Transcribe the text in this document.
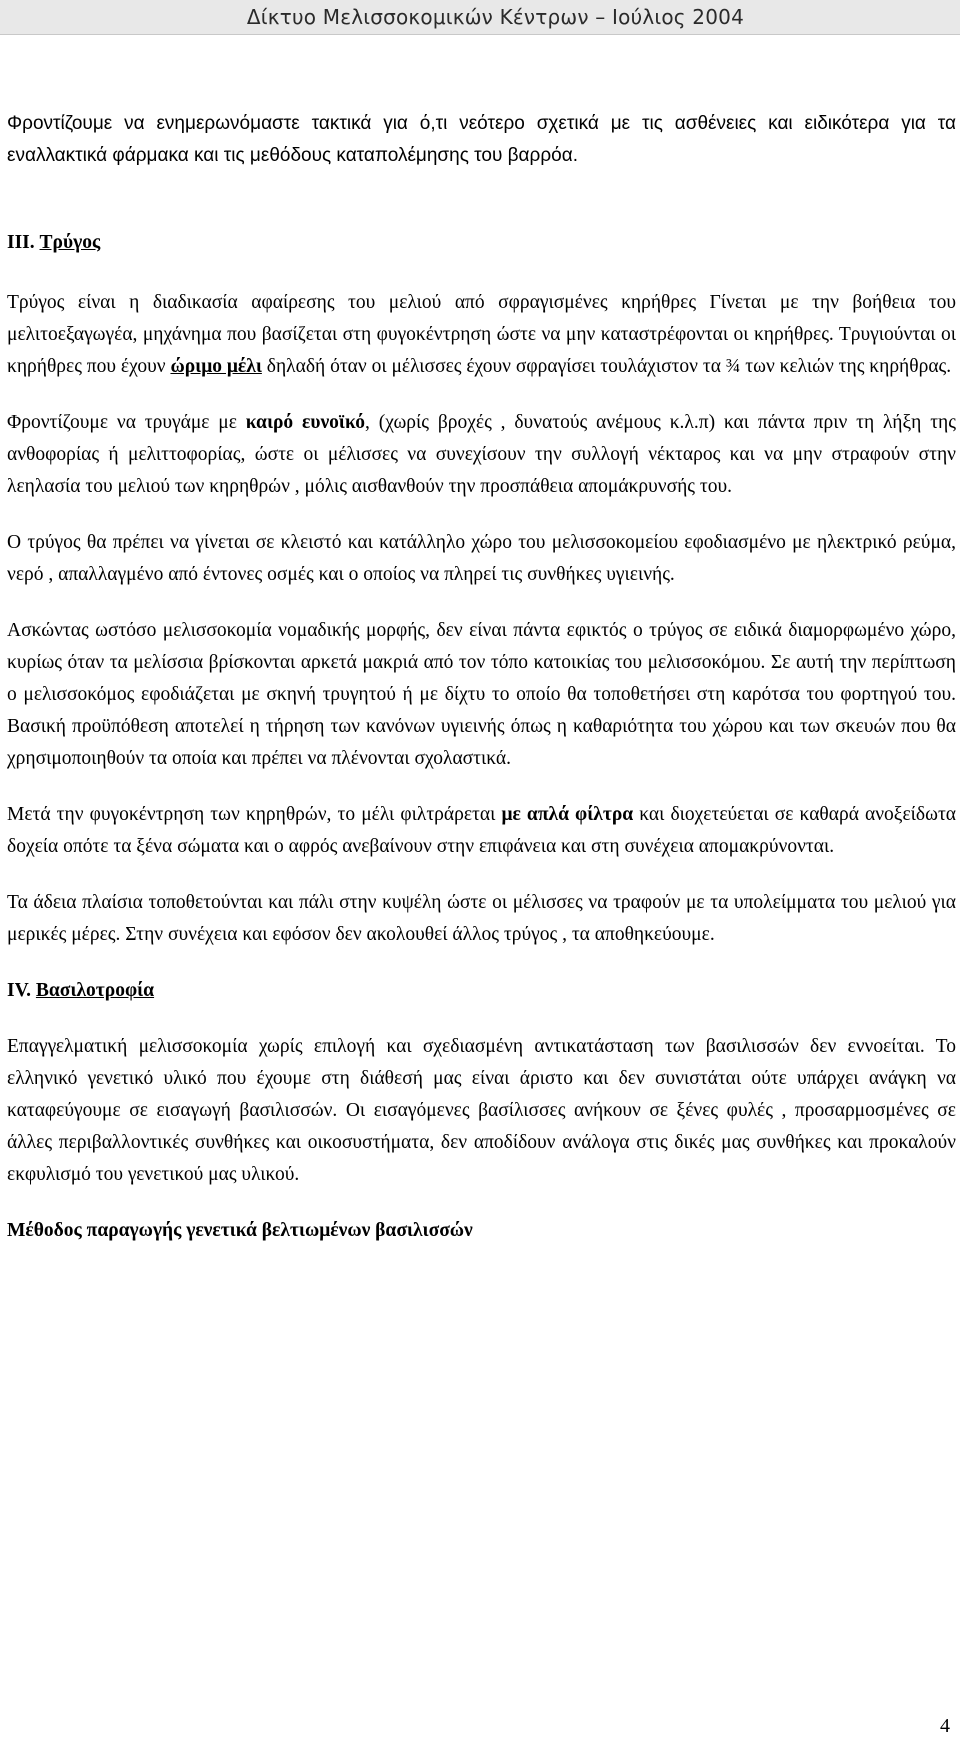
Δίκτυο Μελισσοκομικών Κέντρων – Ιούλιος 2004

Φροντίζουμε να ενημερωνόμαστε τακτικά για ό,τι νεότερο σχετικά με τις ασθένειες και ειδικότερα για τα εναλλακτικά φάρμακα και τις μεθόδους καταπολέμησης του βαρρόα.

III. Τρύγος

Τρύγος είναι η διαδικασία αφαίρεσης του μελιού από σφραγισμένες κηρήθρες Γίνεται με την βοήθεια του μελιτοεξαγωγέα, μηχάνημα που βασίζεται στη φυγοκέντρηση ώστε να μην καταστρέφονται οι κηρήθρες. Τρυγιούνται οι κηρήθρες που έχουν ώριμο μέλι δηλαδή όταν οι μέλισσες έχουν σφραγίσει τουλάχιστον τα ¾ των κελιών της κηρήθρας.

Φροντίζουμε να τρυγάμε με καιρό ευνοϊκό, (χωρίς βροχές , δυνατούς ανέμους κ.λ.π) και πάντα πριν τη λήξη της ανθοφορίας ή μελιττοφορίας, ώστε οι μέλισσες να συνεχίσουν την συλλογή νέκταρος και να μην στραφούν στην λεηλασία του μελιού των κηρηθρών , μόλις αισθανθούν την προσπάθεια απομάκρυνσής του.

Ο τρύγος θα πρέπει να γίνεται σε κλειστό και κατάλληλο χώρο του μελισσοκομείου εφοδιασμένο με ηλεκτρικό ρεύμα, νερό , απαλλαγμένο από έντονες οσμές και ο οποίος να πληρεί τις συνθήκες υγιεινής.

Ασκώντας ωστόσο μελισσοκομία νομαδικής μορφής, δεν είναι πάντα εφικτός ο τρύγος σε ειδικά διαμορφωμένο χώρο, κυρίως όταν τα μελίσσια βρίσκονται αρκετά μακριά από τον τόπο κατοικίας του μελισσοκόμου. Σε αυτή την περίπτωση ο μελισσοκόμος εφοδιάζεται με σκηνή τρυγητού ή με δίχτυ το οποίο θα τοποθετήσει στη καρότσα του φορτηγού του. Βασική προϋπόθεση αποτελεί η τήρηση των κανόνων υγιεινής όπως η καθαριότητα του χώρου και των σκευών που θα χρησιμοποιηθούν τα οποία και πρέπει να πλένονται σχολαστικά.

Μετά την φυγοκέντρηση των κηρηθρών, το μέλι φιλτράρεται με απλά φίλτρα και διοχετεύεται σε καθαρά ανοξείδωτα δοχεία οπότε τα ξένα σώματα και ο αφρός ανεβαίνουν στην επιφάνεια και στη συνέχεια απομακρύνονται.

Τα άδεια πλαίσια τοποθετούνται και πάλι στην κυψέλη ώστε οι μέλισσες να τραφούν με τα υπολείμματα του μελιού για μερικές μέρες. Στην συνέχεια και εφόσον δεν ακολουθεί άλλος τρύγος , τα αποθηκεύουμε.

IV. Βασιλοτροφία

Επαγγελματική μελισσοκομία χωρίς επιλογή και σχεδιασμένη αντικατάσταση των βασιλισσών δεν εννοείται. Το ελληνικό γενετικό υλικό που έχουμε στη διάθεσή μας είναι άριστο και δεν συνιστάται ούτε υπάρχει ανάγκη να καταφεύγουμε σε εισαγωγή βασιλισσών. Οι εισαγόμενες βασίλισσες ανήκουν σε ξένες φυλές , προσαρμοσμένες σε άλλες περιβαλλοντικές συνθήκες και οικοσυστήματα, δεν αποδίδουν ανάλογα στις δικές μας συνθήκες και προκαλούν εκφυλισμό του γενετικού μας υλικού.

Μέθοδος παραγωγής γενετικά βελτιωμένων βασιλισσών
4
